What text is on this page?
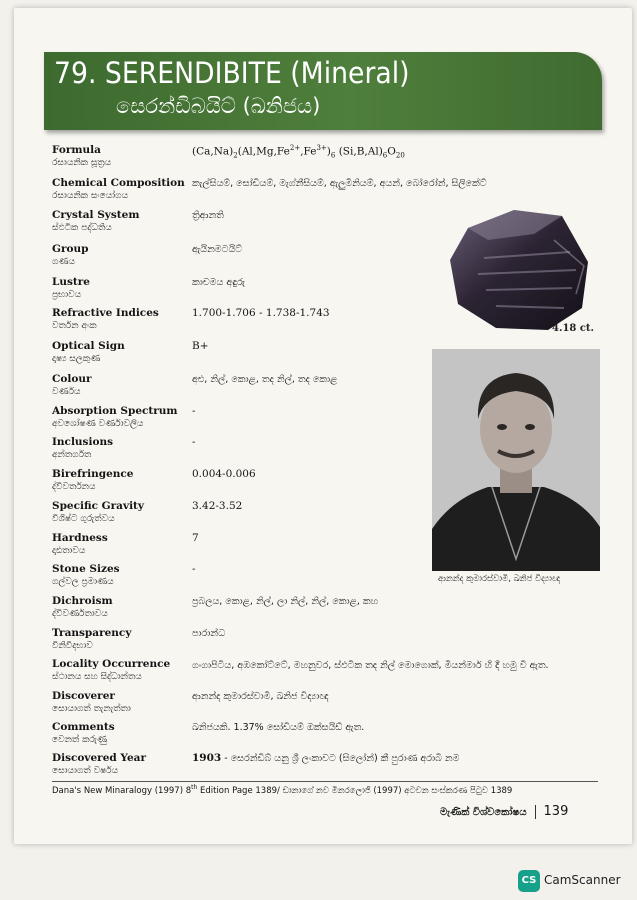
79. SERENDIBITE (Mineral)
සෙරන්ඩිබයිට් (ඛනිජය)
Formula
රසායනික සූත්‍රය
$(Ca,Na)_2(Al,Mg,Fe^{2+},Fe^{3+})_6$ $(Si,B,Al)_6O_{20}$
Chemical Composition
රසායනික සංයෝගය
කැල්සියම්, සෝඩියම්, මැග්නීසියම්, ඇලුමිනියම්, අයන්, බෝරෝන්, සිලිකේට්
Crystal System
ස්ඵටික පද්ධතිය
ත්‍රිආනති
Group
ගණය
ඇයිනමටයිට්
Lustre
ප්‍රභාවය
කාචමය අඳුරු
Refractive Indices
වර්තන අංක
1.700-1.706 - 1.738-1.743
Optical Sign
දෘෂ්‍ය සලකුණ
B+
Colour
වර්ණය
අළු, නිල්, කොළ, තද නිල්, තද කොළ
Absorption Spectrum
අවශෝෂණ වර්ණාවලිය
-
Inclusions
අන්තර්ගත
-
Birefringence
ද්විවර්තනය
0.004-0.006
Specific Gravity
විශිෂ්ට ගුරුත්වය
3.42-3.52
Hardness
දෘඪතාවය
7
Stone Sizes
ගල්වල ප්‍රමාණය
-
Dichroism
ද්විවර්ණතාවය
ප්‍රබලය, කොළ, නිල්, ලා නිල්, නිල්, කොළ, කහ
Transparency
විනිවිදභාව
පාරාන්ධ
Locality Occurrence
ස්ථානය සහ සිද්ධාන්තය
ගංගාපිටිය, අඹකෝට්ටේ, මහනුවර, ස්ඵටික තද නිල් මොගොක්, මියන්මාර් හි දී හමු වී ඇත.
Discoverer
සොයාගත් තැනැත්තා
ආනන්ද කුමාරස්වාමි, ඛනිජ විද්‍යාඥ
Comments
වෙනත් කරුණු
ඛනිජයකි. 1.37% සෝඩියම් ඔක්සයිඩ් ඇත.
Discovered Year
සොයාගත් වර්ෂය
1903 - සෙරන්ඩිබ් යනු ශ්‍රී ලංකාවට (සිලෝන්) කී පුරාණ අරාබි නම
4.18 ct.
ආනන්ද කුමාරස්වාමි, ඛනිජ විද්‍යාඥ
Dana's New Minaralogy (1997) 8th Edition Page 1389/ ඩානාගේ නව මිනරලොජි (1997) අටවන සංස්කරණ පිටුව 1389
මැණික් විශ්වකෝෂය 139
CS CamScanner
